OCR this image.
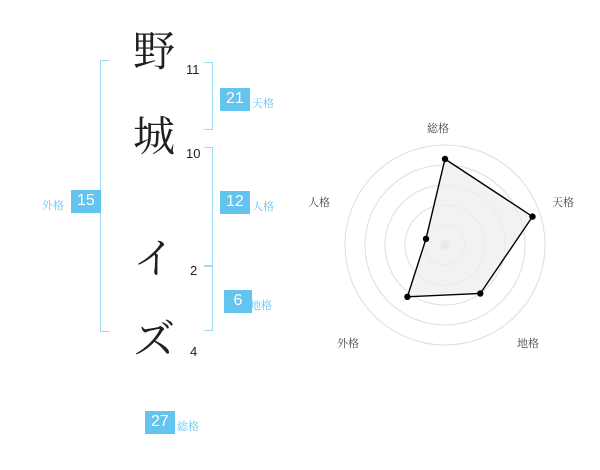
外格 15
野 11
城 10
イ	2
ズ	4
21 天格
12 人格
6 地格
27 総格
総格
天格
地格
外格
人格
